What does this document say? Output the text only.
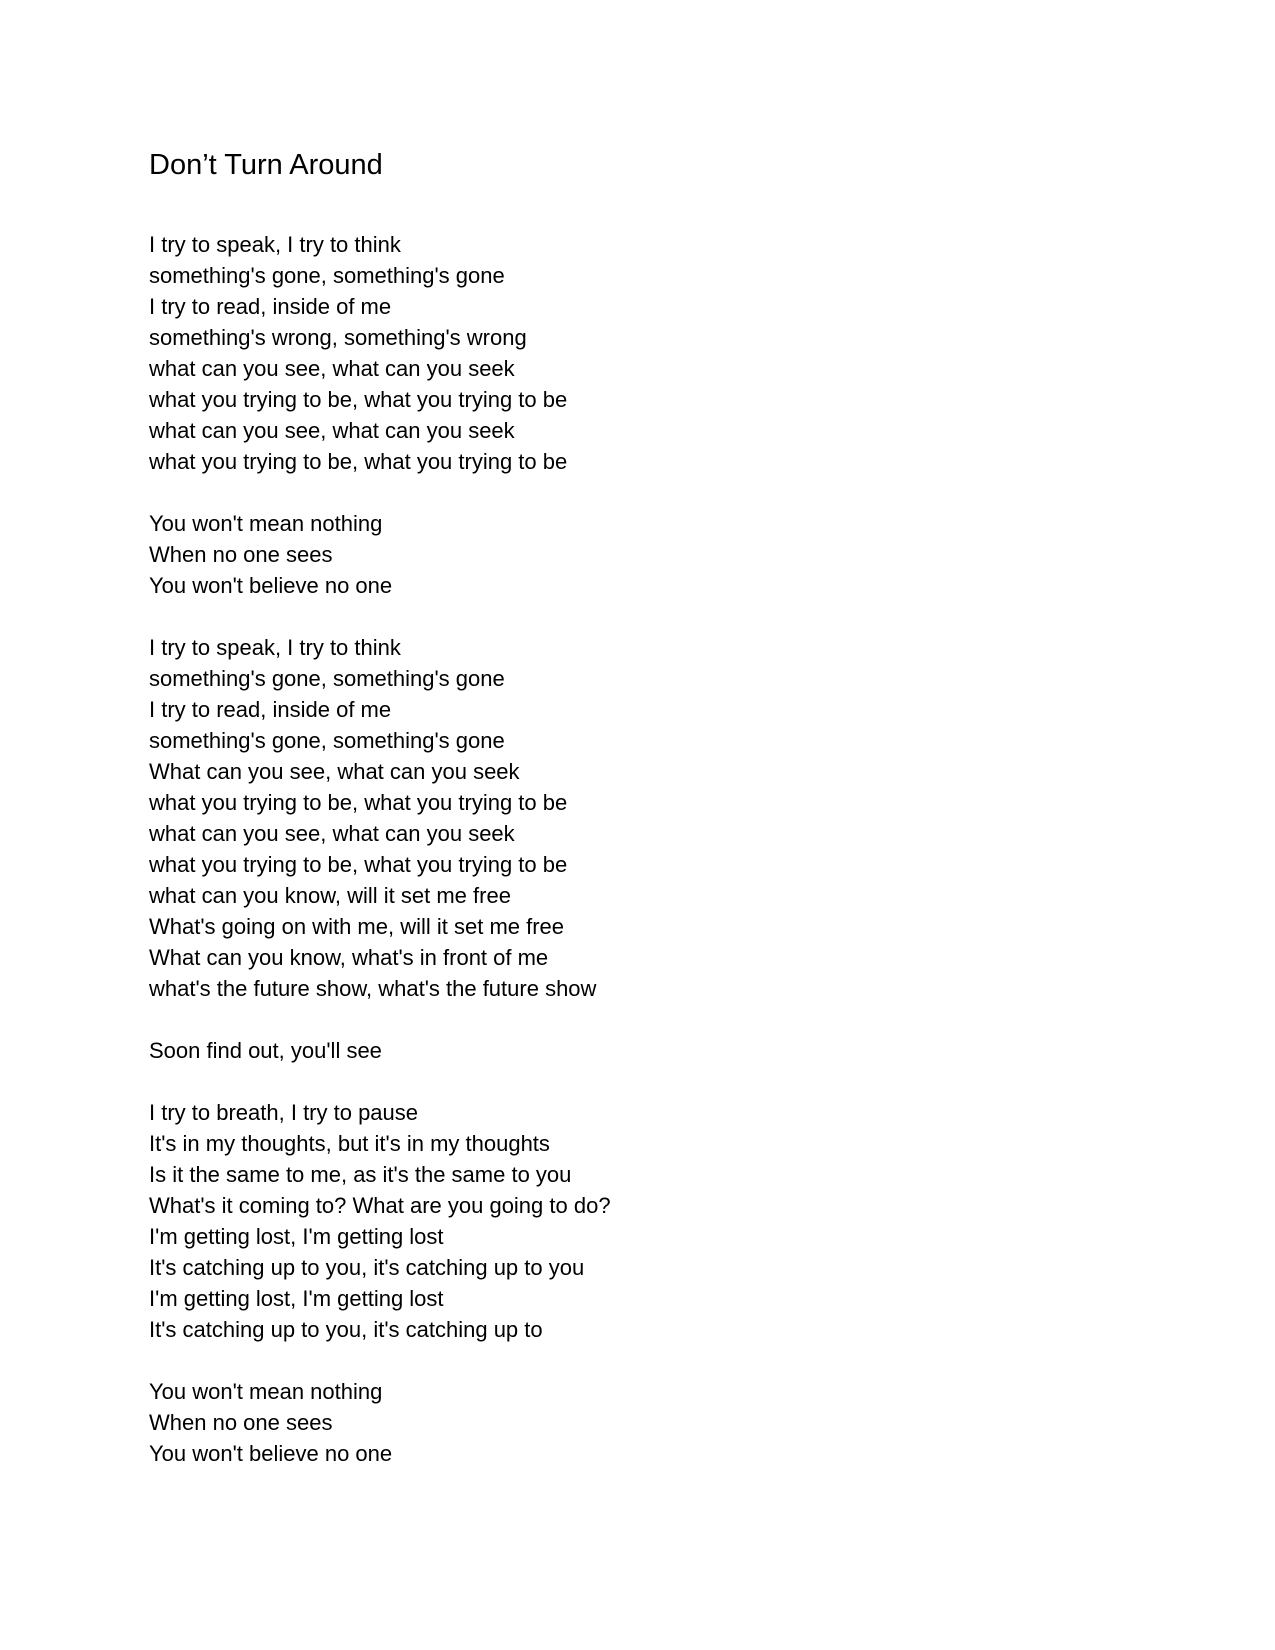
Don’t Turn Around
I try to speak, I try to think
something's gone, something's gone
I try to read, inside of me
something's wrong, something's wrong
what can you see, what can you seek
what you trying to be, what you trying to be
what can you see, what can you seek
what you trying to be, what you trying to be
You won't mean nothing
When no one sees
You won't believe no one
I try to speak, I try to think
something's gone, something's gone
I try to read, inside of me
something's gone, something's gone
What can you see, what can you seek
what you trying to be, what you trying to be
what can you see, what can you seek
what you trying to be, what you trying to be
what can you know, will it set me free
What's going on with me, will it set me free
What can you know, what's in front of me
what's the future show, what's the future show
Soon find out, you'll see
I try to breath, I try to pause
It's in my thoughts, but it's in my thoughts
Is it the same to me, as it's the same to you
What's it coming to? What are you going to do?
I'm getting lost, I'm getting lost
It's catching up to you, it's catching up to you
I'm getting lost, I'm getting lost
It's catching up to you, it's catching up to
You won't mean nothing
When no one sees
You won't believe no one
